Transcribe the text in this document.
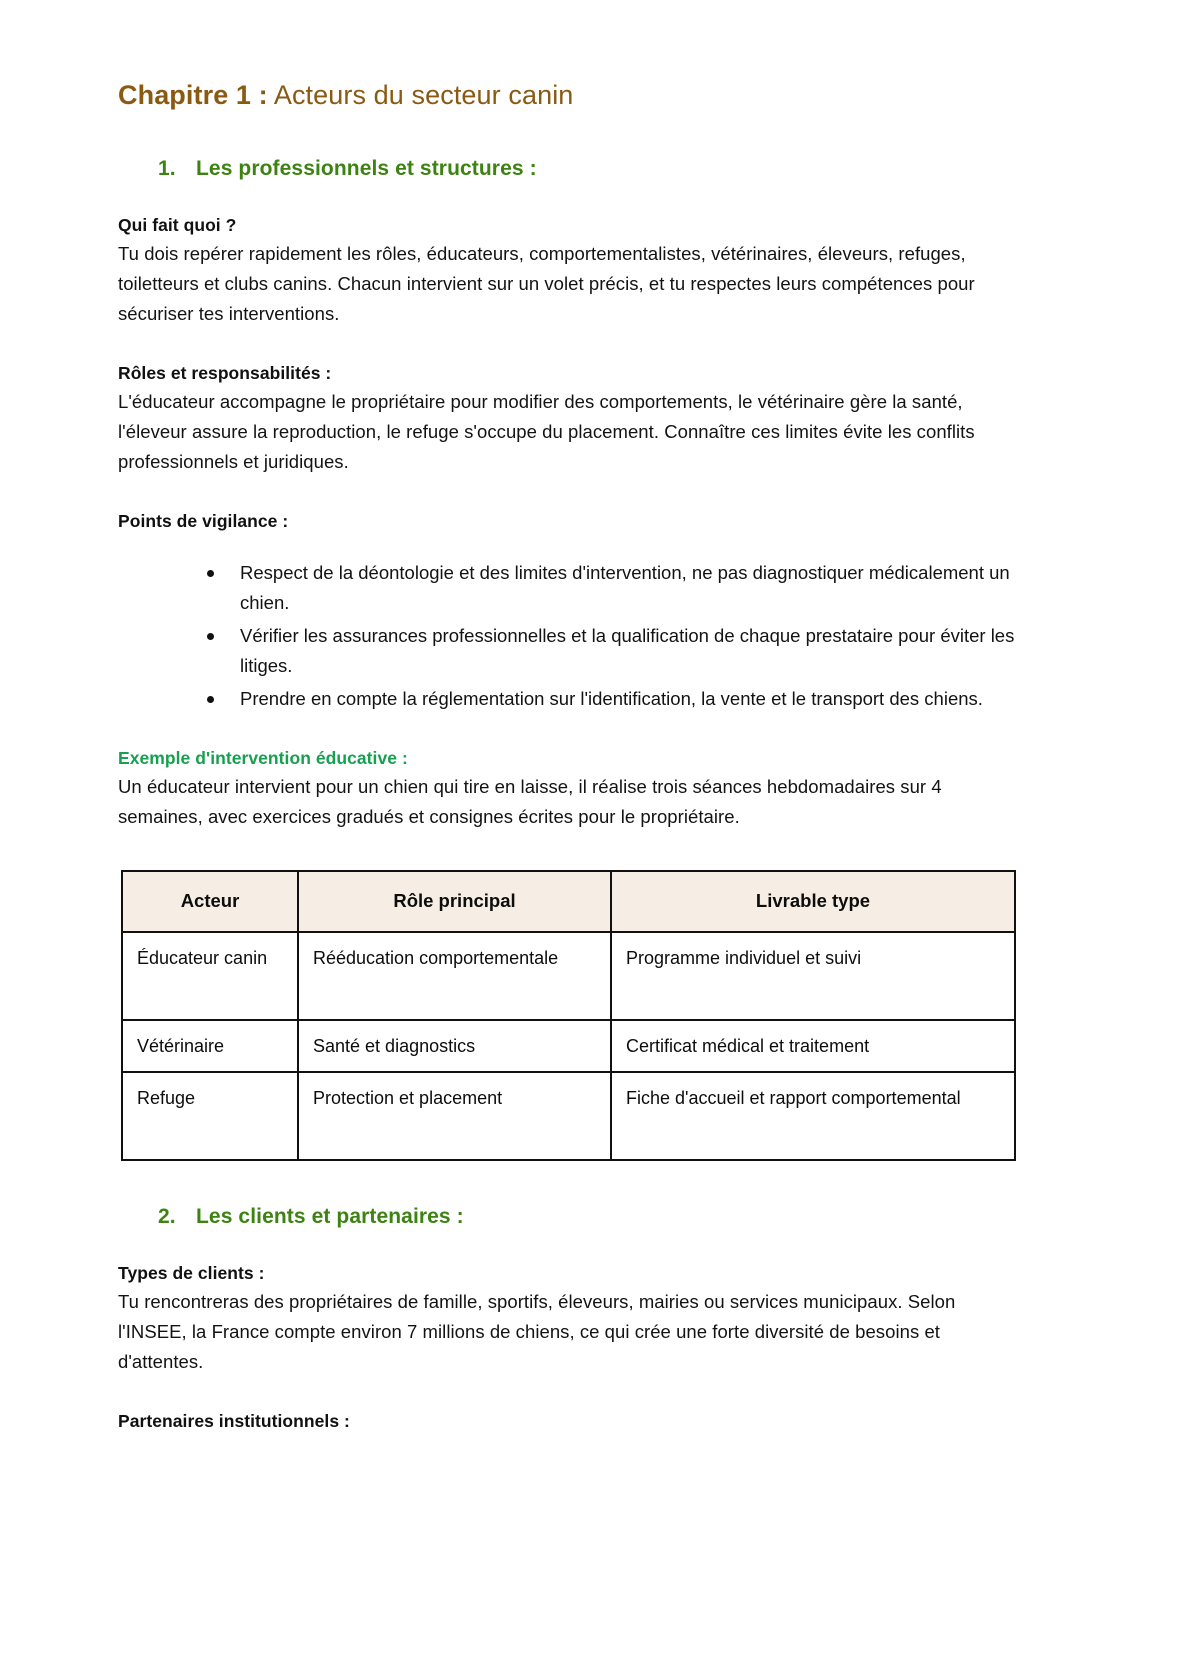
Chapitre 1 : Acteurs du secteur canin
1. Les professionnels et structures :

Qui fait quoi ?

Tu dois repérer rapidement les rôles, éducateurs, comportementalistes, vétérinaires, éleveurs, refuges, toiletteurs et clubs canins. Chacun intervient sur un volet précis, et tu respectes leurs compétences pour sécuriser tes interventions.

Rôles et responsabilités :

L'éducateur accompagne le propriétaire pour modifier des comportements, le vétérinaire gère la santé, l'éleveur assure la reproduction, le refuge s'occupe du placement. Connaître ces limites évite les conflits professionnels et juridiques.

Points de vigilance :

Respect de la déontologie et des limites d'intervention, ne pas diagnostiquer médicalement un chien.
Vérifier les assurances professionnelles et la qualification de chaque prestataire pour éviter les litiges.
Prendre en compte la réglementation sur l'identification, la vente et le transport des chiens.

Exemple d'intervention éducative :

Un éducateur intervient pour un chien qui tire en laisse, il réalise trois séances hebdomadaires sur 4 semaines, avec exercices gradués et consignes écrites pour le propriétaire.

Acteur	Rôle principal	Livrable type
Éducateur canin	Rééducation comportementale	Programme individuel et suivi
Vétérinaire	Santé et diagnostics	Certificat médical et traitement
Refuge	Protection et placement	Fiche d'accueil et rapport comportemental
2. Les clients et partenaires :

Types de clients :

Tu rencontreras des propriétaires de famille, sportifs, éleveurs, mairies ou services municipaux. Selon l'INSEE, la France compte environ 7 millions de chiens, ce qui crée une forte diversité de besoins et d'attentes.

Partenaires institutionnels :
